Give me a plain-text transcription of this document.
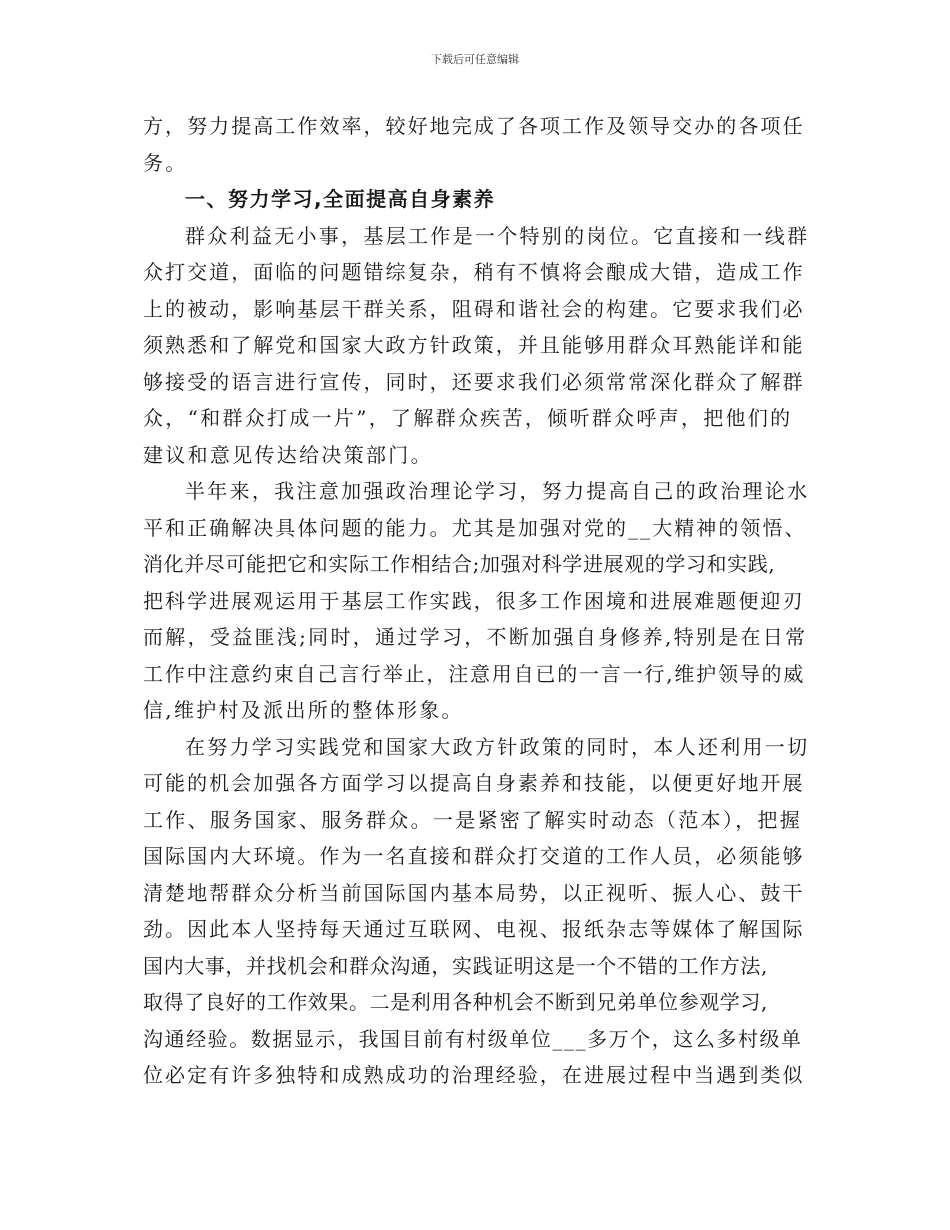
下载后可任意编辑
方，努力提高工作效率，较好地完成了各项工作及领导交办的各项任
务。
一、努力学习,全面提高自身素养
群众利益无小事，基层工作是一个特别的岗位。它直接和一线群
众打交道，面临的问题错综复杂，稍有不慎将会酿成大错，造成工作
上的被动，影响基层干群关系，阻碍和谐社会的构建。它要求我们必
须熟悉和了解党和国家大政方针政策，并且能够用群众耳熟能详和能
够接受的语言进行宣传，同时，还要求我们必须常常深化群众了解群
众，“和群众打成一片”，了解群众疾苦，倾听群众呼声，把他们的
建议和意见传达给决策部门。
半年来，我注意加强政治理论学习，努力提高自己的政治理论水
平和正确解决具体问题的能力。尤其是加强对党的__大精神的领悟、
消化并尽可能把它和实际工作相结合;加强对科学进展观的学习和实践,
把科学进展观运用于基层工作实践，很多工作困境和进展难题便迎刃
而解，受益匪浅;同时，通过学习，不断加强自身修养,特别是在日常
工作中注意约束自己言行举止，注意用自已的一言一行,维护领导的威
信,维护村及派出所的整体形象。
在努力学习实践党和国家大政方针政策的同时，本人还利用一切
可能的机会加强各方面学习以提高自身素养和技能，以便更好地开展
工作、服务国家、服务群众。一是紧密了解实时动态（范本），把握
国际国内大环境。作为一名直接和群众打交道的工作人员，必须能够
清楚地帮群众分析当前国际国内基本局势，以正视听、振人心、鼓干
劲。因此本人坚持每天通过互联网、电视、报纸杂志等媒体了解国际
国内大事，并找机会和群众沟通，实践证明这是一个不错的工作方法,
取得了良好的工作效果。二是利用各种机会不断到兄弟单位参观学习,
沟通经验。数据显示，我国目前有村级单位___多万个，这么多村级单
位必定有许多独特和成熟成功的治理经验，在进展过程中当遇到类似
